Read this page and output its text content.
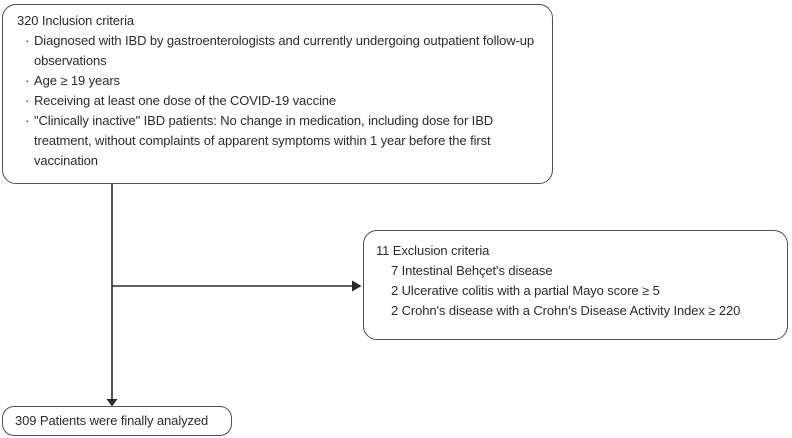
320 Inclusion criteria
· Diagnosed with IBD by gastroenterologists and currently undergoing outpatient follow-up observations
· Age ≥ 19 years
· Receiving at least one dose of the COVID-19 vaccine
· "Clinically inactive" IBD patients: No change in medication, including dose for IBD treatment, without complaints of apparent symptoms within 1 year before the first vaccination
11 Exclusion criteria
7 Intestinal Behçet's disease
2 Ulcerative colitis with a partial Mayo score ≥ 5
2 Crohn's disease with a Crohn's Disease Activity Index ≥ 220
309 Patients were finally analyzed
